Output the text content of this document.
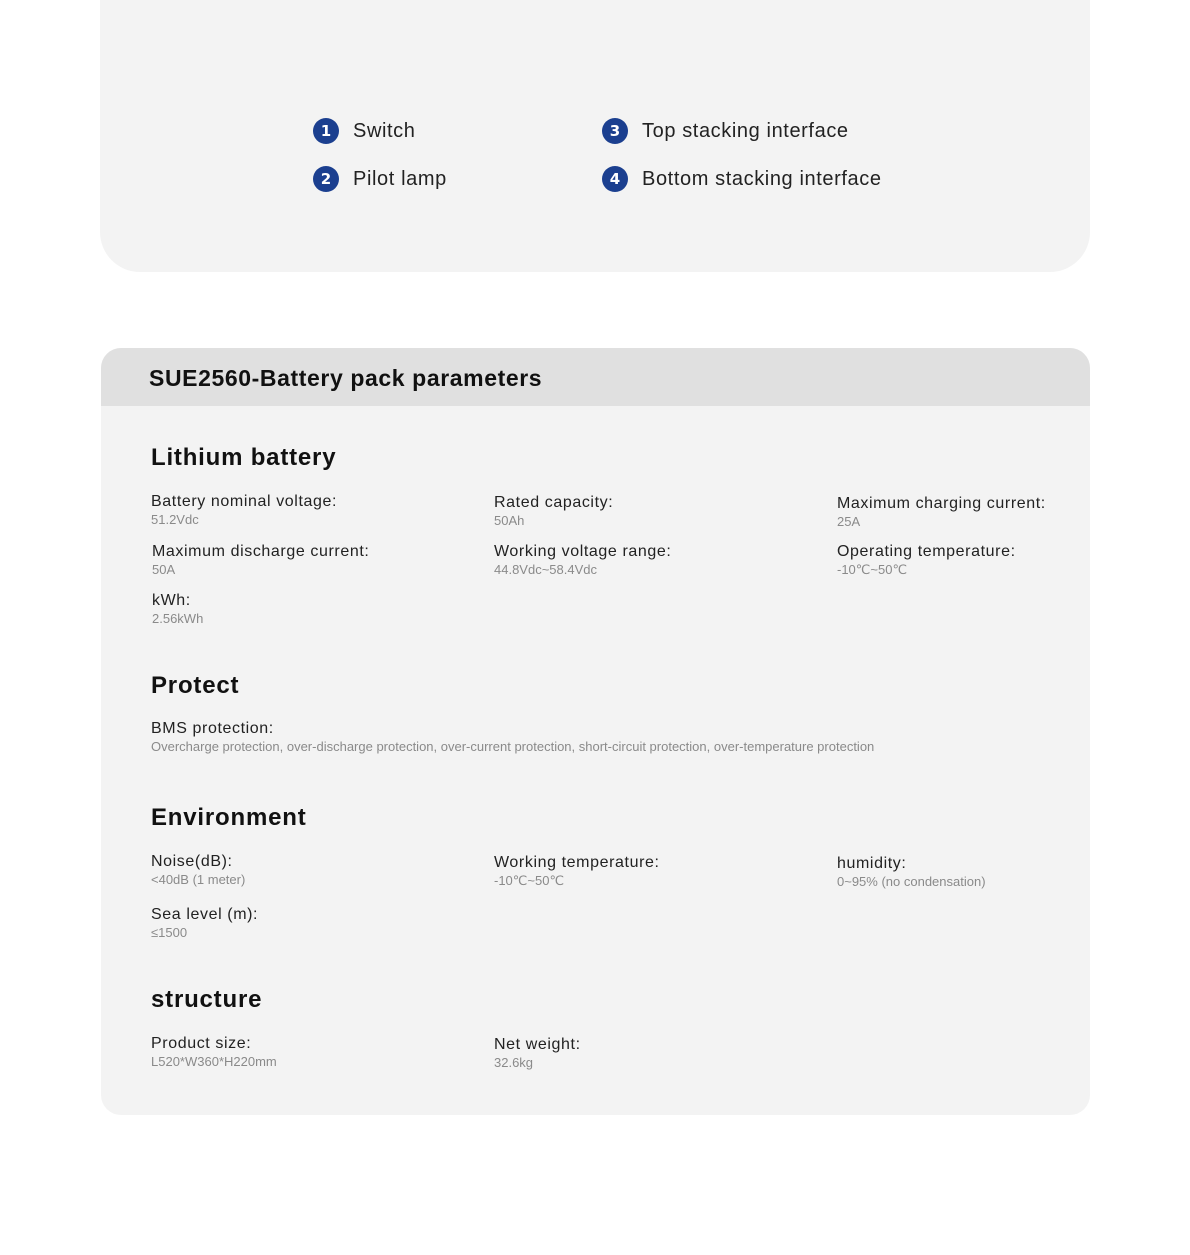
1	Switch
2	Pilot lamp
3	Top stacking interface
4	Bottom stacking interface
SUE2560-Battery pack parameters
Lithium battery
Battery nominal voltage:
51.2Vdc
Rated capacity:
50Ah
Maximum charging current:
25A
Maximum discharge current:
50A
Working voltage range:
44.8Vdc~58.4Vdc
Operating temperature:
-10℃~50℃
kWh:
2.56kWh
Protect
BMS protection:
Overcharge protection, over-discharge protection, over-current protection, short-circuit protection, over-temperature protection
Environment
Noise(dB):
<40dB (1 meter)
Working temperature:
-10℃~50℃
humidity:
0~95% (no condensation)
Sea level (m):
≤1500
structure
Product size:
L520*W360*H220mm
Net weight:
32.6kg
